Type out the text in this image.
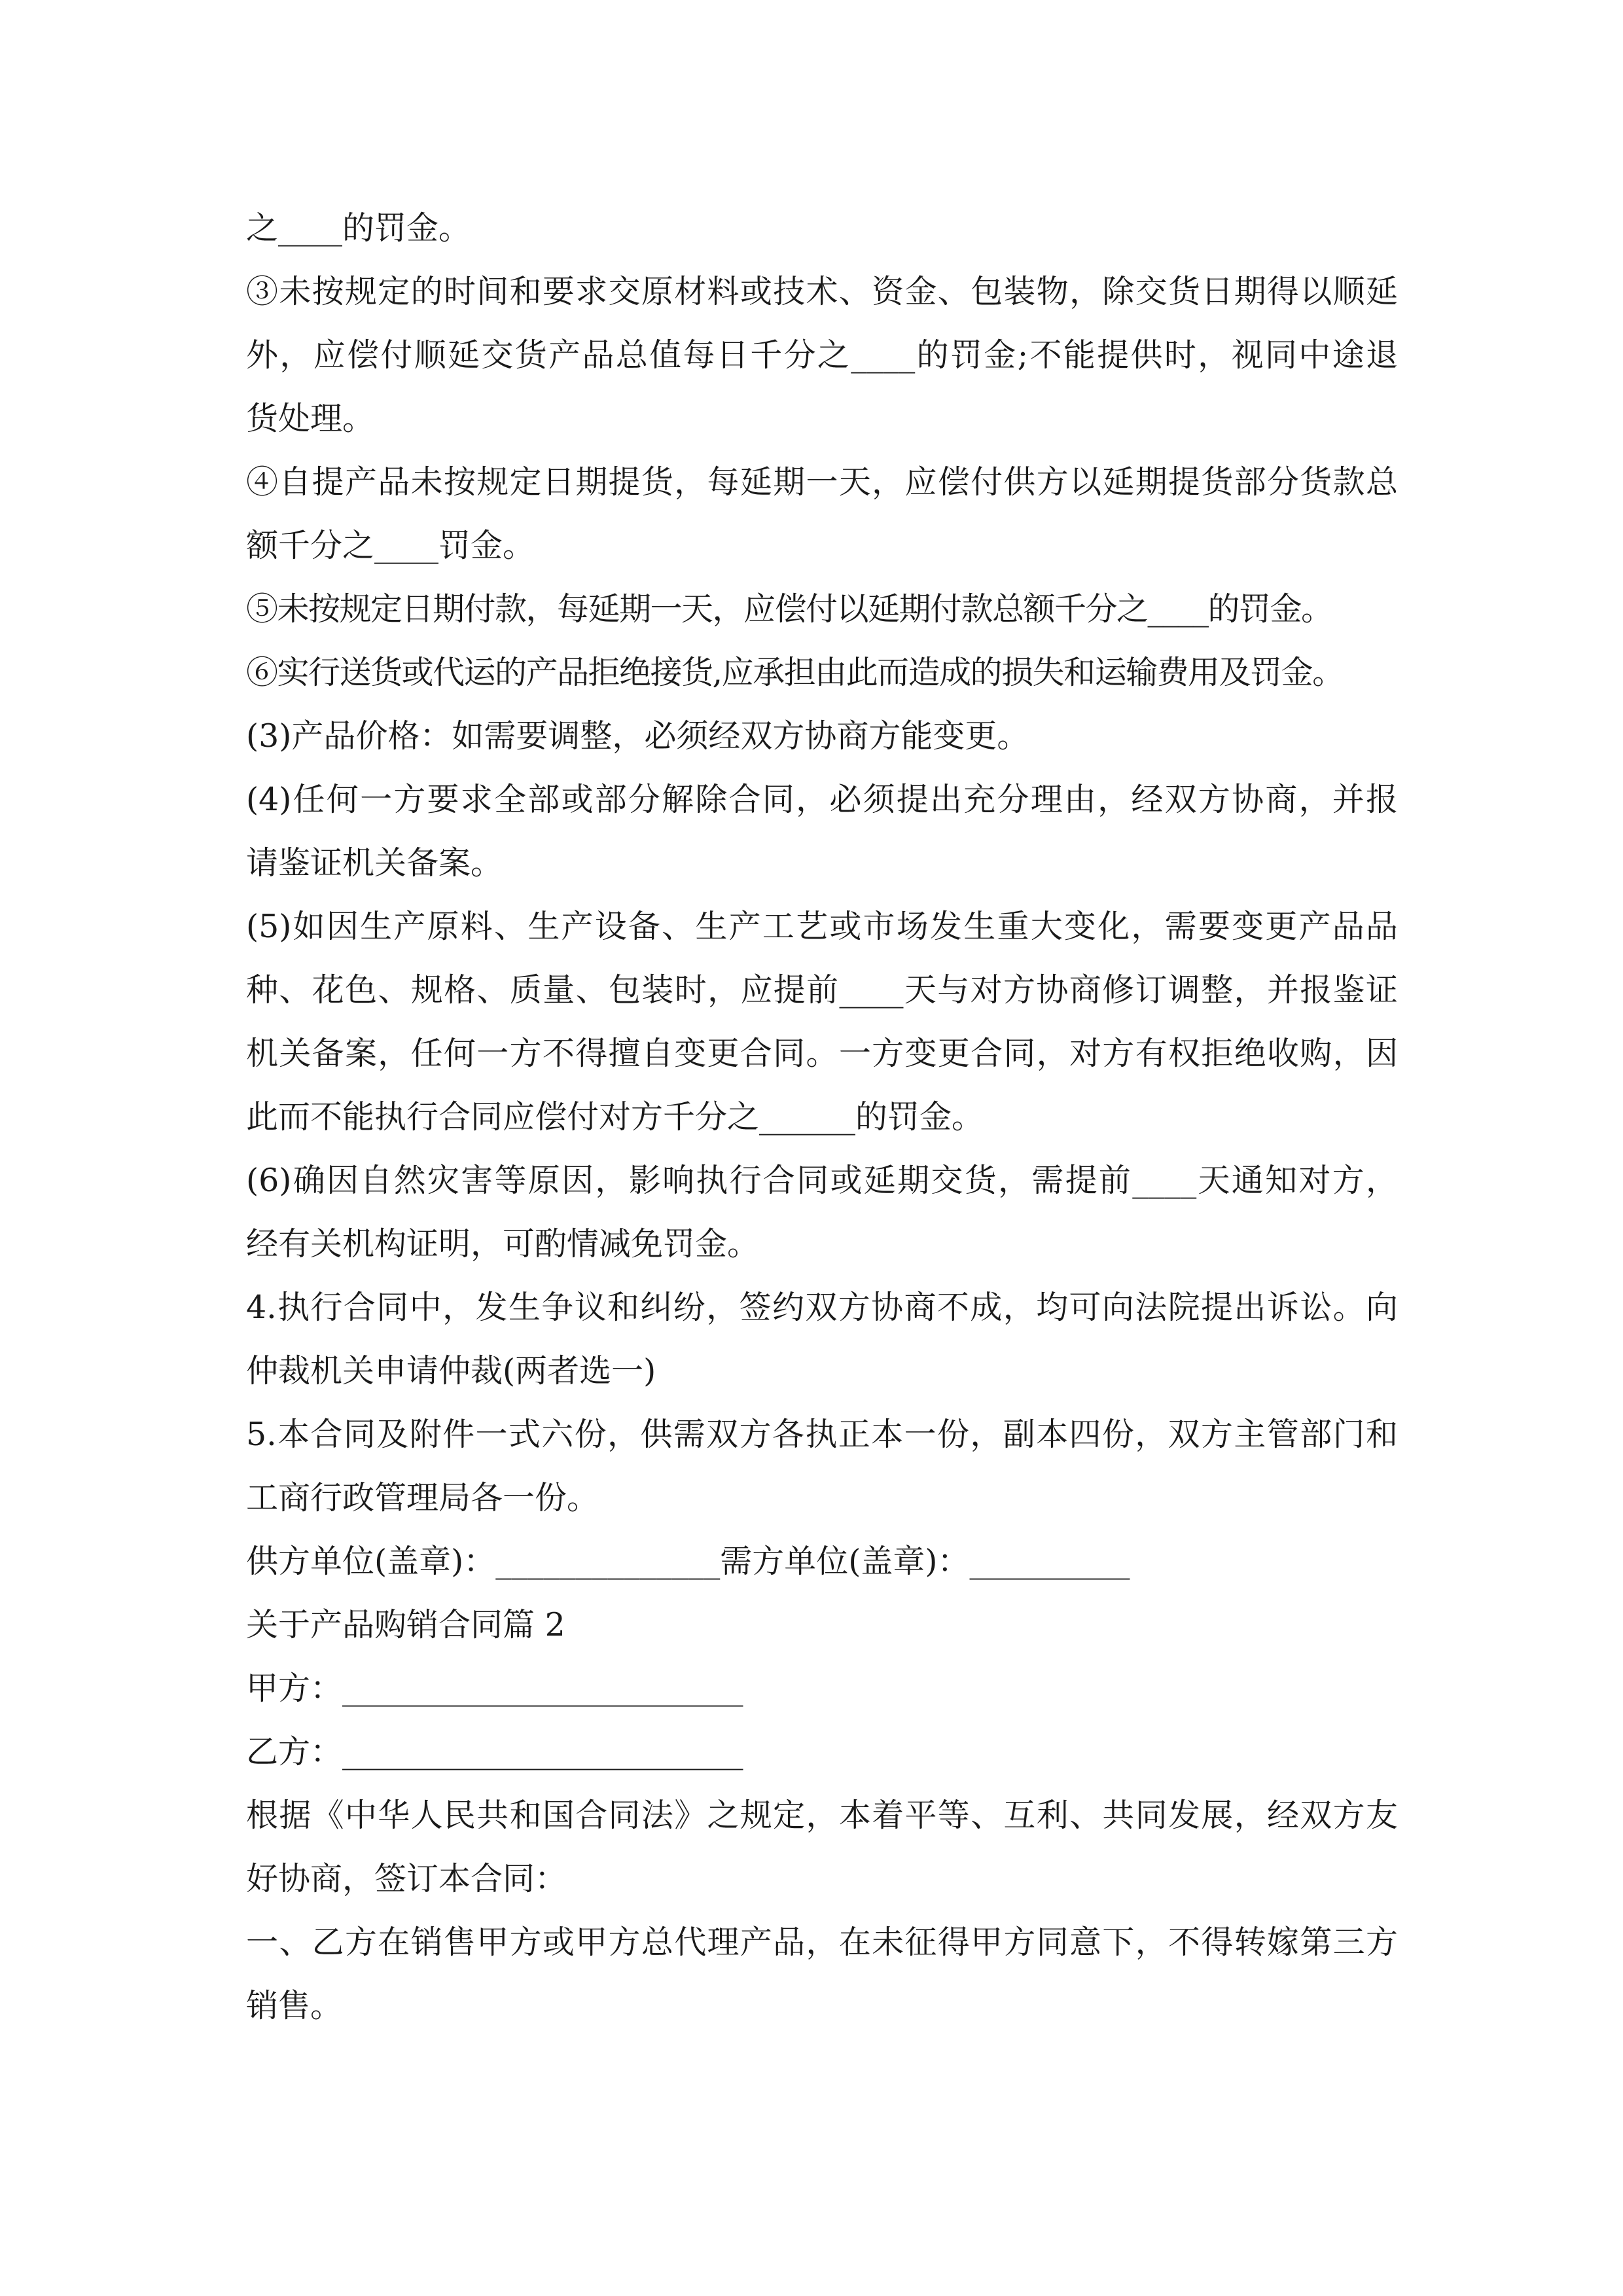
之____的罚金。
③未按规定的时间和要求交原材料或技术、资金、包装物，除交货日期得以顺延
外，应偿付顺延交货产品总值每日千分之____的罚金;不能提供时，视同中途退
货处理。
④自提产品未按规定日期提货，每延期一天，应偿付供方以延期提货部分货款总
额千分之____罚金。
⑤未按规定日期付款，每延期一天，应偿付以延期付款总额千分之____的罚金。
⑥实行送货或代运的产品拒绝接货,应承担由此而造成的损失和运输费用及罚金。
(3)产品价格：如需要调整，必须经双方协商方能变更。
(4)任何一方要求全部或部分解除合同，必须提出充分理由，经双方协商，并报
请鉴证机关备案。
(5)如因生产原料、生产设备、生产工艺或市场发生重大变化，需要变更产品品
种、花色、规格、质量、包装时，应提前____天与对方协商修订调整，并报鉴证
机关备案，任何一方不得擅自变更合同。一方变更合同，对方有权拒绝收购，因
此而不能执行合同应偿付对方千分之______的罚金。
(6)确因自然灾害等原因，影响执行合同或延期交货，需提前____天通知对方，
经有关机构证明，可酌情减免罚金。
4.执行合同中，发生争议和纠纷，签约双方协商不成，均可向法院提出诉讼。向
仲裁机关申请仲裁(两者选一)
5.本合同及附件一式六份，供需双方各执正本一份，副本四份，双方主管部门和
工商行政管理局各一份。
供方单位(盖章)：______________需方单位(盖章)：__________
关于产品购销合同篇 2
甲方：_________________________
乙方：_________________________
根据《中华人民共和国合同法》之规定，本着平等、互利、共同发展，经双方友
好协商，签订本合同：
一、乙方在销售甲方或甲方总代理产品，在未征得甲方同意下，不得转嫁第三方
销售。
